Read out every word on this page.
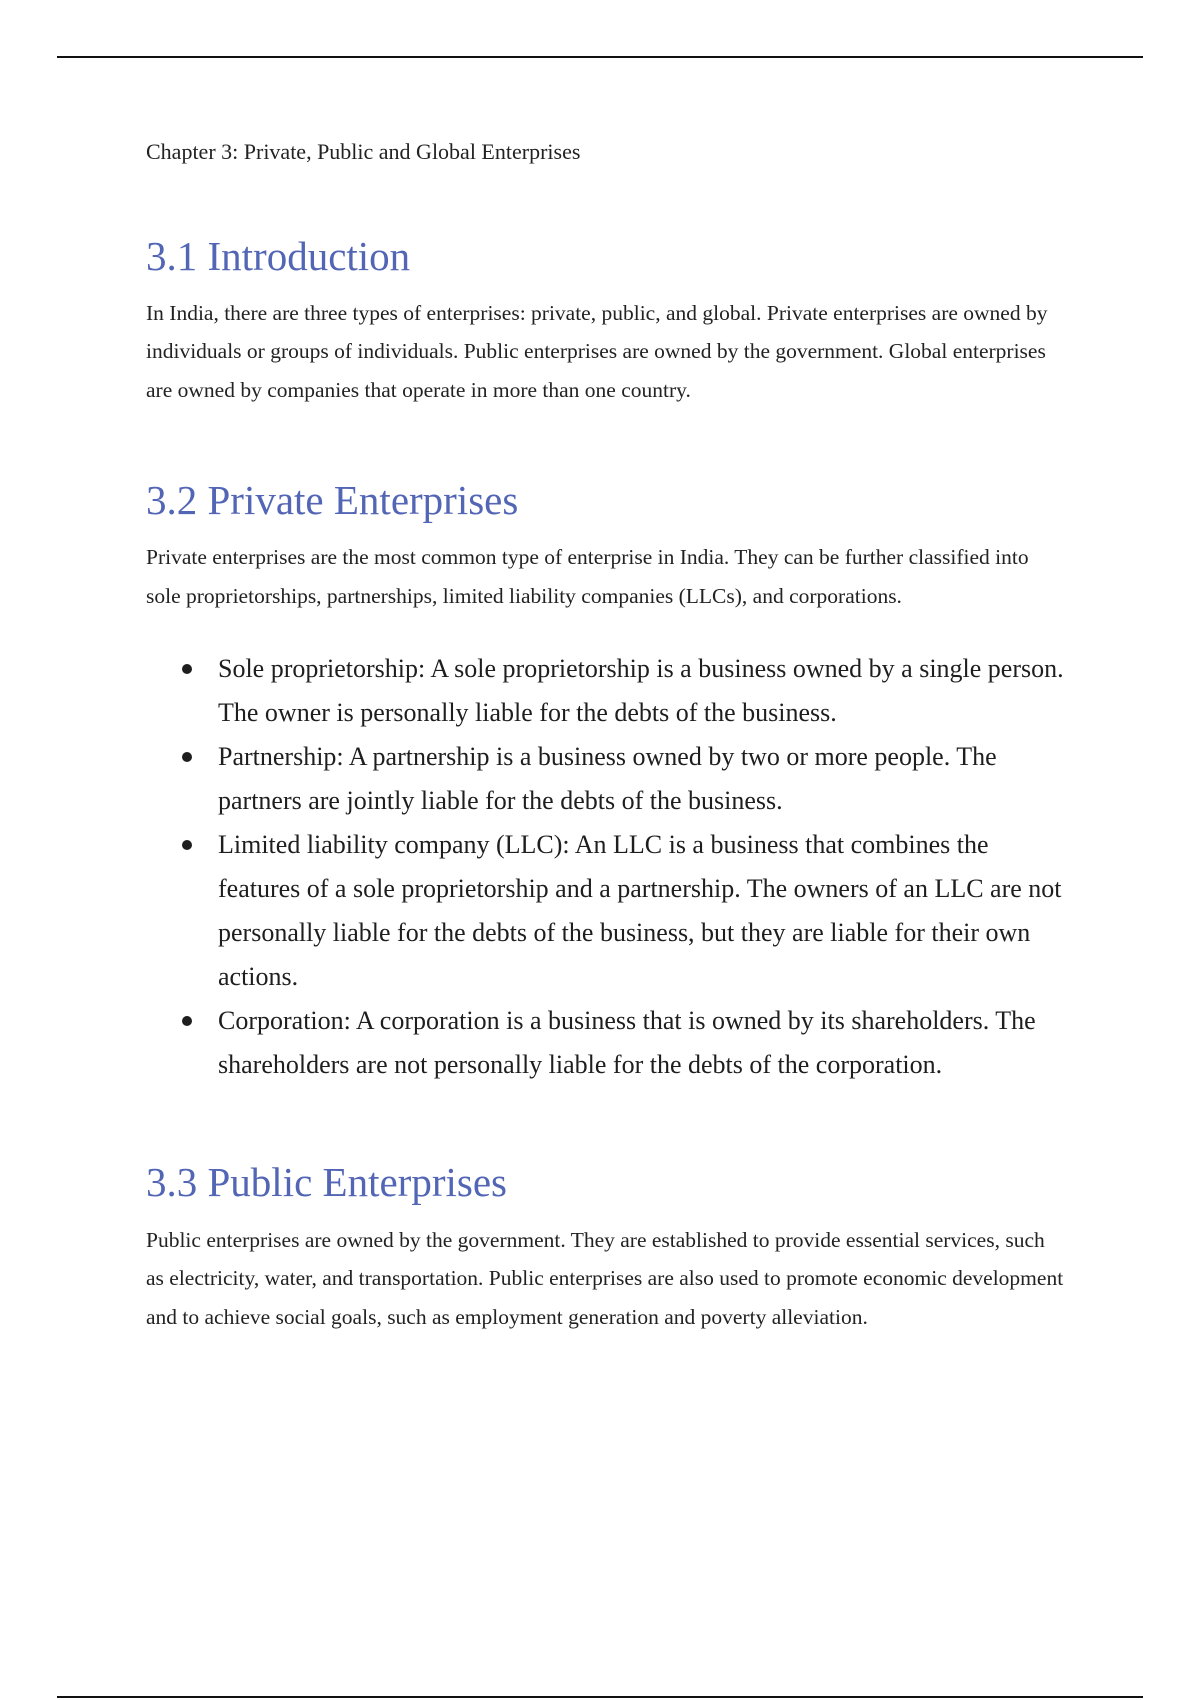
Chapter 3: Private, Public and Global Enterprises
3.1 Introduction

In India, there are three types of enterprises: private, public, and global. Private enterprises are owned by individuals or groups of individuals. Public enterprises are owned by the government. Global enterprises are owned by companies that operate in more than one country.

3.2 Private Enterprises

Private enterprises are the most common type of enterprise in India. They can be further classified into sole proprietorships, partnerships, limited liability companies (LLCs), and corporations.

Sole proprietorship: A sole proprietorship is a business owned by a single person. The owner is personally liable for the debts of the business.
Partnership: A partnership is a business owned by two or more people. The partners are jointly liable for the debts of the business.
Limited liability company (LLC): An LLC is a business that combines the features of a sole proprietorship and a partnership. The owners of an LLC are not personally liable for the debts of the business, but they are liable for their own actions.
Corporation: A corporation is a business that is owned by its shareholders. The shareholders are not personally liable for the debts of the corporation.
3.3 Public Enterprises

Public enterprises are owned by the government. They are established to provide essential services, such as electricity, water, and transportation. Public enterprises are also used to promote economic development and to achieve social goals, such as employment generation and poverty alleviation.
